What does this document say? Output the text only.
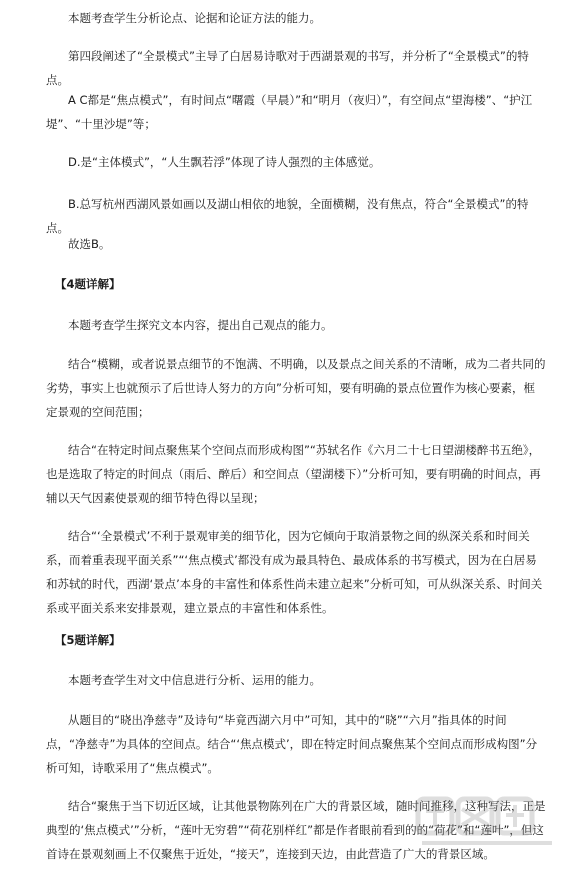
本题考查学生分析论点、论据和论证方法的能力。

第四段阐述了“全景模式”主导了白居易诗歌对于西湖景观的书写，并分析了“全景模式”的特点。

A C都是“焦点模式”，有时间点“曙霞（早晨）”和“明月（夜归）”，有空间点“望海楼”、“护江堤”、“十里沙堤”等；

D.是“主体模式”，“人生飘若浮”体现了诗人强烈的主体感觉。

B.总写杭州西湖风景如画以及湖山相依的地貌，全面横糊，没有焦点，符合“全景模式”的特点。

故选B。

【4题详解】

本题考查学生探究文本内容，提出自己观点的能力。

结合“模糊，或者说景点细节的不饱满、不明确，以及景点之间关系的不清晰，成为二者共同的劣势，事实上也就预示了后世诗人努力的方向”分析可知，要有明确的景点位置作为核心要素，框定景观的空间范围；

结合“在特定时间点聚焦某个空间点而形成构图”“苏轼名作《六月二十七日望湖楼醉书五绝》，也是选取了特定的时间点（雨后、醉后）和空间点（望湖楼下）”分析可知，要有明确的时间点，再辅以天气因素使景观的细节特色得以呈现；

结合“‘全景模式’不利于景观审美的细节化，因为它倾向于取消景物之间的纵深关系和时间关系，而着重表现平面关系”“‘焦点模式’都没有成为最具特色、最成体系的书写模式，因为在白居易和苏轼的时代，西湖‘景点’本身的丰富性和体系性尚未建立起来”分析可知，可从纵深关系、时间关系或平面关系来安排景观，建立景点的丰富性和体系性。

【5题详解】

本题考查学生对文中信息进行分析、运用的能力。

从题目的“晓出净慈寺”及诗句“毕竟西湖六月中”可知，其中的“晓”“六月”指具体的时间点，“净慈寺”为具体的空间点。结合“‘焦点模式’，即在特定时间点聚焦某个空间点而形成构图”分析可知，诗歌采用了“焦点模式”。

结合“聚焦于当下切近区域，让其他景物陈列在广大的背景区域，随时间推移，这种写法，正是典型的‘焦点模式’”分析，“莲叶无穷碧”“荷花别样红”都是作者眼前看到的的“荷花”和“莲叶”，但这首诗在景观刻画上不仅聚焦于近处，“接天”，连接到天边，由此营造了广大的背景区域。
